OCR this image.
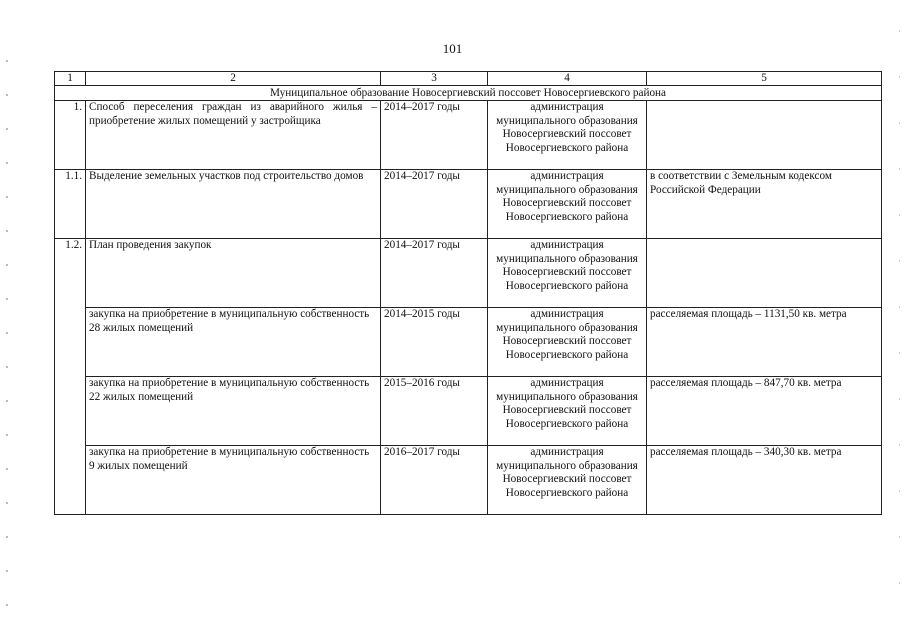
101
1	2	3	4	5
Муниципальное образование Новосергиевский поссовет Новосергиевского района				
1.	Способ переселения граждан из аварийного жилья – приобретение жилых помещений у застройщика	2014–2017 годы	администрация муниципального образования Новосергиевский поссовет Новосергиевского района	
1.1.	Выделение земельных участков под строительство домов	2014–2017 годы	администрация муниципального образования Новосергиевский поссовет Новосергиевского района	в соответствии с Земельным кодексом Российской Федерации
1.2.	План проведения закупок	2014–2017 годы	администрация муниципального образования Новосергиевский поссовет Новосергиевского района	
	закупка на приобретение в муниципальную собственность 28 жилых помещений	2014–2015 годы	администрация муниципального образования Новосергиевский поссовет Новосергиевского района	расселяемая площадь – 1131,50 кв. метра
	закупка на приобретение в муниципальную собственность 22 жилых помещений	2015–2016 годы	администрация муниципального образования Новосергиевский поссовет Новосергиевского района	расселяемая площадь – 847,70 кв. метра
	закупка на приобретение в муниципальную собственность 9 жилых помещений	2016–2017 годы	администрация муниципального образования Новосергиевский поссовет Новосергиевского района	расселяемая площадь – 340,30 кв. метра
